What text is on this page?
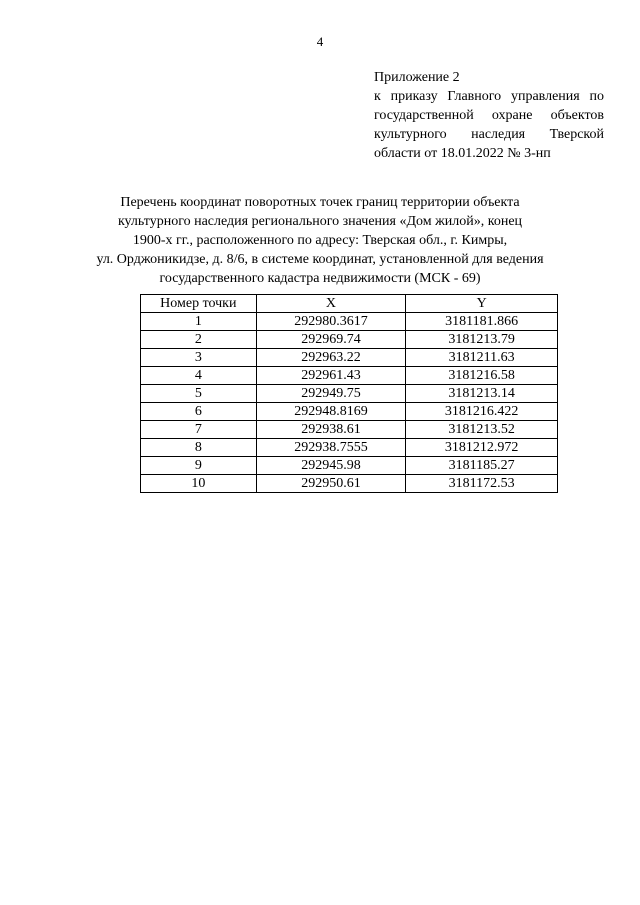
4
Приложение 2
к приказу Главного управления по
государственной охране объектов
культурного наследия Тверской
области от 18.01.2022 № 3-нп
Перечень координат поворотных точек границ территории объекта
культурного наследия регионального значения «Дом жилой», конец
1900-х гг., расположенного по адресу: Тверская обл., г. Кимры,
ул. Орджоникидзе, д. 8/6, в системе координат, установленной для ведения
государственного кадастра недвижимости (МСК - 69)
Номер точки	X	Y
1	292980.3617	3181181.866
2	292969.74	3181213.79
3	292963.22	3181211.63
4	292961.43	3181216.58
5	292949.75	3181213.14
6	292948.8169	3181216.422
7	292938.61	3181213.52
8	292938.7555	3181212.972
9	292945.98	3181185.27
10	292950.61	3181172.53
